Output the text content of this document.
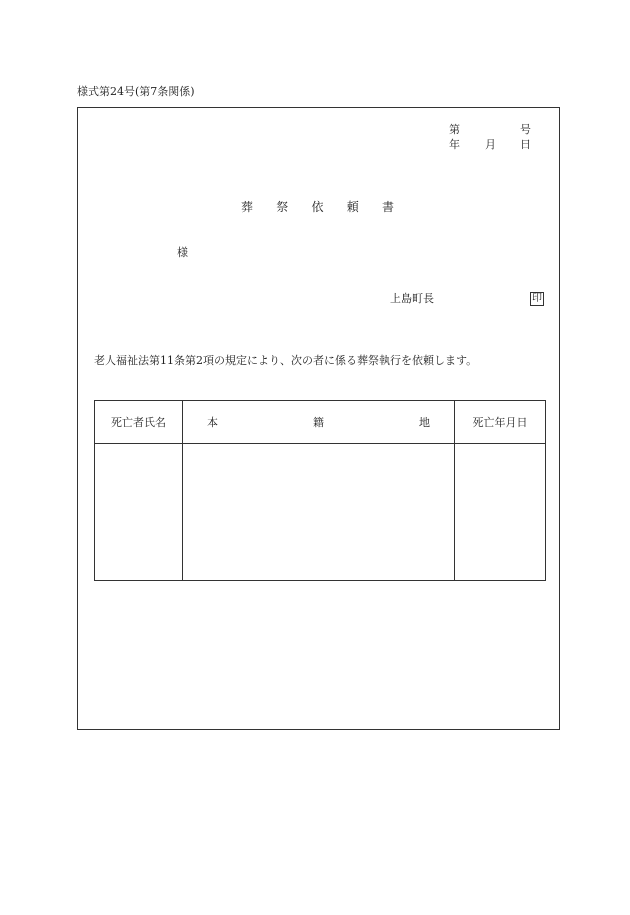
様式第24号(第7条関係)
第	号
年 月 日
葬 祭 依 頼 書
様
上島町長	印
老人福祉法第11条第2項の規定により、次の者に係る葬祭執行を依頼します。
死亡者氏名	本 籍 地	死亡年月日
